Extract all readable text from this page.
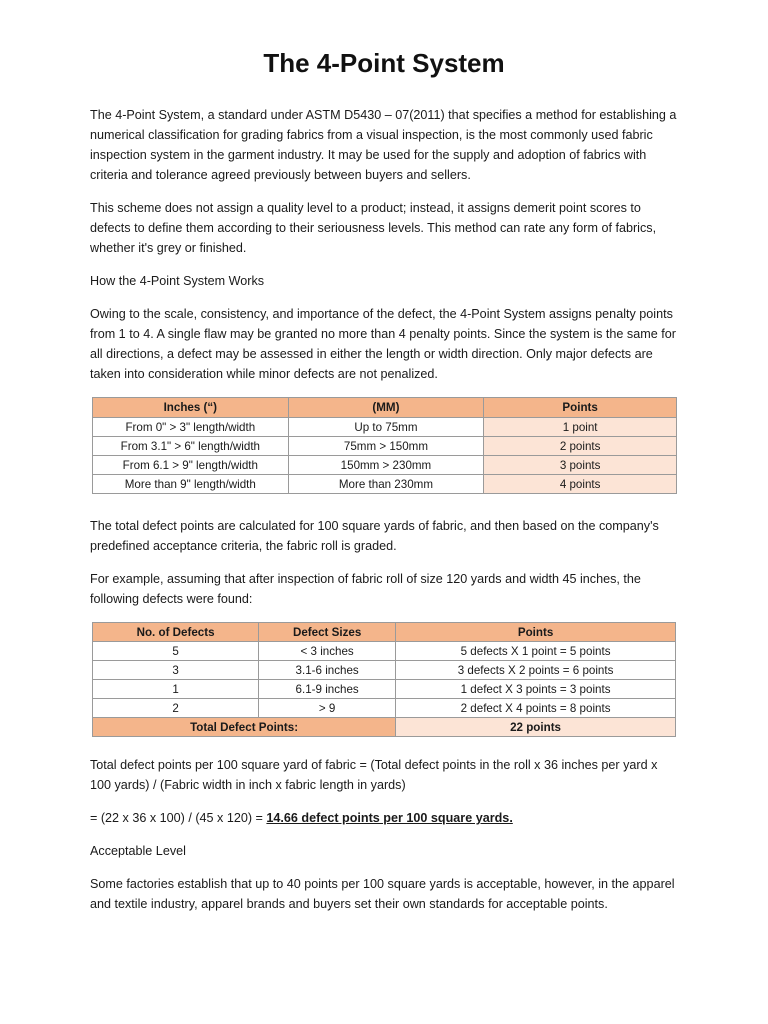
The 4-Point System

The 4-Point System, a standard under ASTM D5430 – 07(2011) that specifies a method for establishing a numerical classification for grading fabrics from a visual inspection, is the most commonly used fabric inspection system in the garment industry. It may be used for the supply and adoption of fabrics with criteria and tolerance agreed previously between buyers and sellers.

This scheme does not assign a quality level to a product; instead, it assigns demerit point scores to defects to define them according to their seriousness levels. This method can rate any form of fabrics, whether it's grey or finished.

How the 4-Point System Works

Owing to the scale, consistency, and importance of the defect, the 4-Point System assigns penalty points from 1 to 4. A single flaw may be granted no more than 4 penalty points. Since the system is the same for all directions, a defect may be assessed in either the length or width direction. Only major defects are taken into consideration while minor defects are not penalized.

Inches (“)	(MM)	Points
From 0" > 3" length/width	Up to 75mm	1 point
From 3.1" > 6" length/width	75mm > 150mm	2 points
From 6.1 > 9" length/width	150mm > 230mm	3 points
More than 9" length/width	More than 230mm	4 points

The total defect points are calculated for 100 square yards of fabric, and then based on the company's predefined acceptance criteria, the fabric roll is graded.

For example, assuming that after inspection of fabric roll of size 120 yards and width 45 inches, the following defects were found:

No. of Defects	Defect Sizes	Points
5	< 3 inches	5 defects X 1 point = 5 points
3	3.1-6 inches	3 defects X 2 points = 6 points
1	6.1-9 inches	1 defect X 3 points = 3 points
2	> 9	2 defect X 4 points = 8 points
Total Defect Points:		22 points

Total defect points per 100 square yard of fabric = (Total defect points in the roll x 36 inches per yard x 100 yards) / (Fabric width in inch x fabric length in yards)

= (22 x 36 x 100) / (45 x 120) = 14.66 defect points per 100 square yards.

Acceptable Level

Some factories establish that up to 40 points per 100 square yards is acceptable, however, in the apparel and textile industry, apparel brands and buyers set their own standards for acceptable points.
